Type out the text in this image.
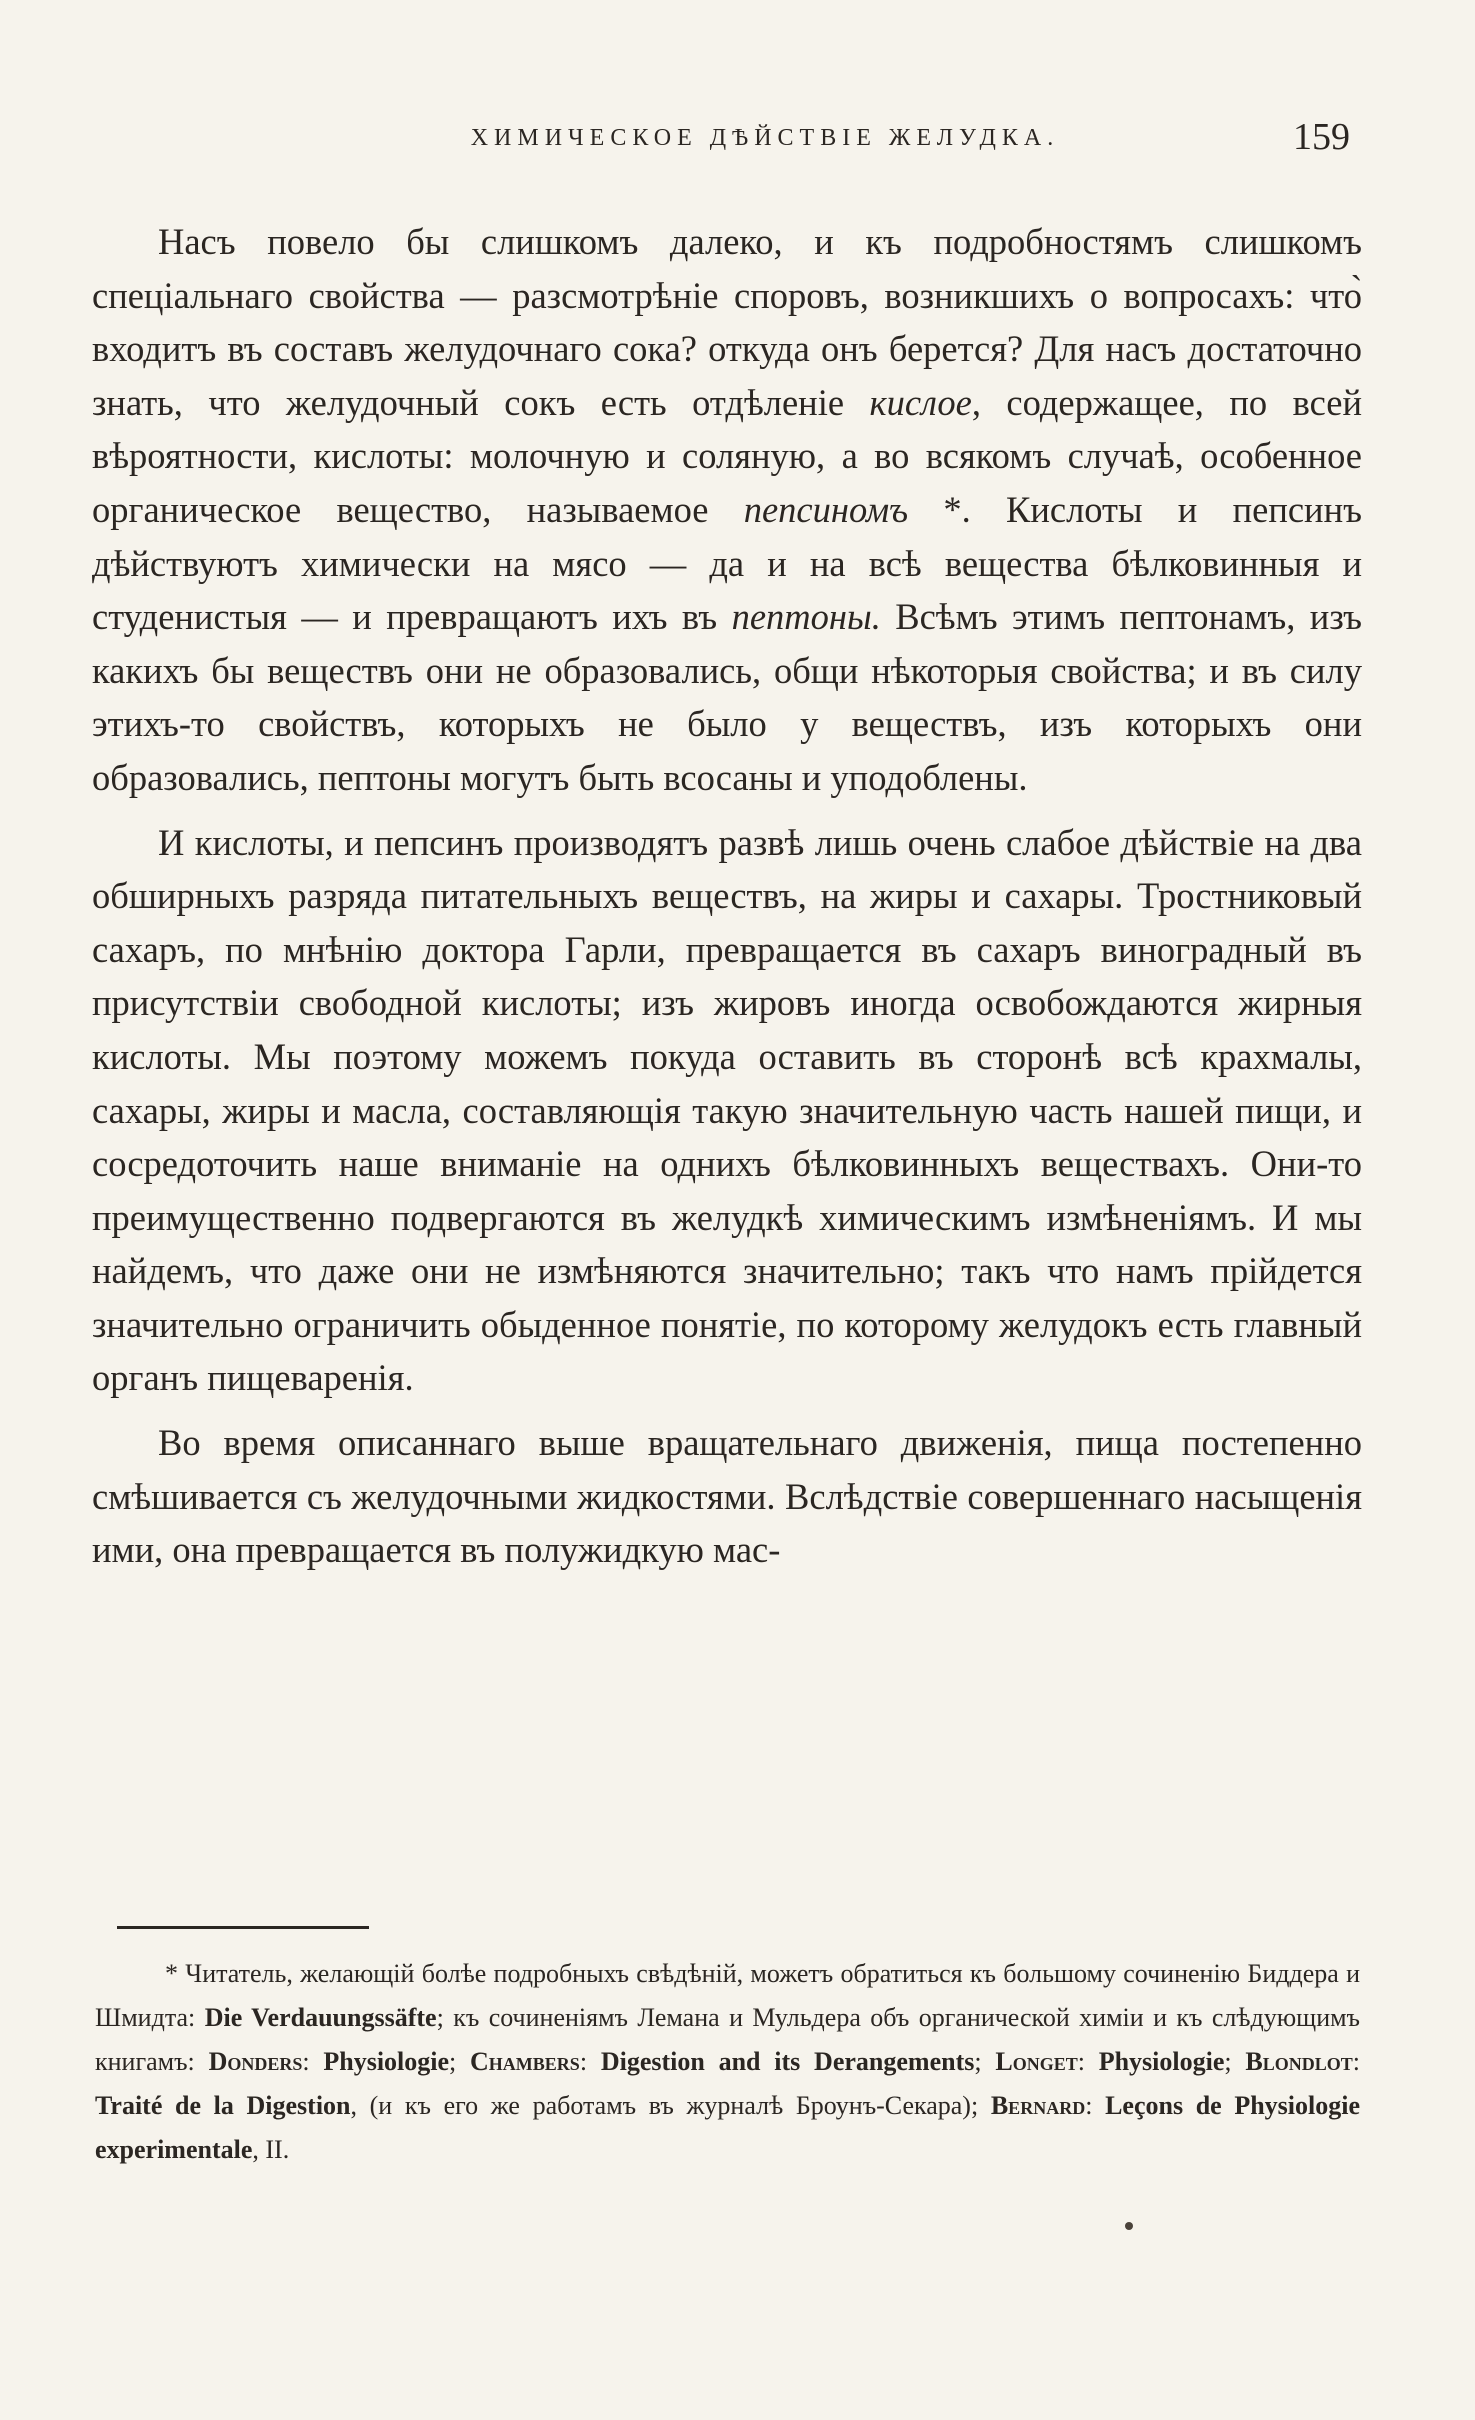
ХИМИЧЕСКОЕ ДѢЙСТВІЕ ЖЕЛУДКА.	159

Насъ повело бы слишкомъ далеко, и къ подробностямъ слишкомъ спеціальнаго свойства — разсмотрѣніе споровъ, возникшихъ о вопросахъ: что̀ входитъ въ составъ желудочнаго сока? откуда онъ берется? Для насъ достаточно знать, что желудочный сокъ есть отдѣленіе кислое, содержащее, по всей вѣроятности, кислоты: молочную и соляную, а во всякомъ случаѣ, особенное органическое вещество, называемое пепсиномъ *. Кислоты и пепсинъ дѣйствуютъ химически на мясо — да и на всѣ вещества бѣлковинныя и студенистыя — и превращаютъ ихъ въ пептоны. Всѣмъ этимъ пептонамъ, изъ какихъ бы веществъ они не образовались, общи нѣкоторыя свойства; и въ силу этихъ-то свойствъ, которыхъ не было у веществъ, изъ которыхъ они образовались, пептоны могутъ быть всосаны и уподоблены.

И кислоты, и пепсинъ производятъ развѣ лишь очень слабое дѣйствіе на два обширныхъ разряда питательныхъ веществъ, на жиры и сахары. Тростниковый сахаръ, по мнѣнію доктора Гарли, превращается въ сахаръ виноградный въ присутствіи свободной кислоты; изъ жировъ иногда освобождаются жирныя кислоты. Мы поэтому можемъ покуда оставить въ сторонѣ всѣ крахмалы, сахары, жиры и масла, составляющія такую значительную часть нашей пищи, и сосредоточить наше вниманіе на однихъ бѣлковинныхъ веществахъ. Они-то преимущественно подвергаются въ желудкѣ химическимъ измѣненіямъ. И мы найдемъ, что даже они не измѣняются значительно; такъ что намъ прійдется значительно ограничить обыденное понятіе, по которому желудокъ есть главный органъ пищеваренія.

Во время описаннаго выше вращательнаго движенія, пища постепенно смѣшивается съ желудочными жидкостями. Вслѣдствіе совершеннаго насыщенія ими, она превращается въ полужидкую мас-

* Читатель, желающій болѣе подробныхъ свѣдѣній, можетъ обратиться къ большому сочиненію Биддера и Шмидта: Die Verdauungssäfte; къ сочиненіямъ Лемана и Мульдера объ органической химіи и къ слѣдующимъ книгамъ: Donders: Physiologie; Chambers: Digestion and its Derangements; Longet: Physiologie; Blondlot: Traité de la Digestion, (и къ его же работамъ въ журналѣ Броунъ-Секара); Bernard: Leçons de Physiologie experimentale, II.
